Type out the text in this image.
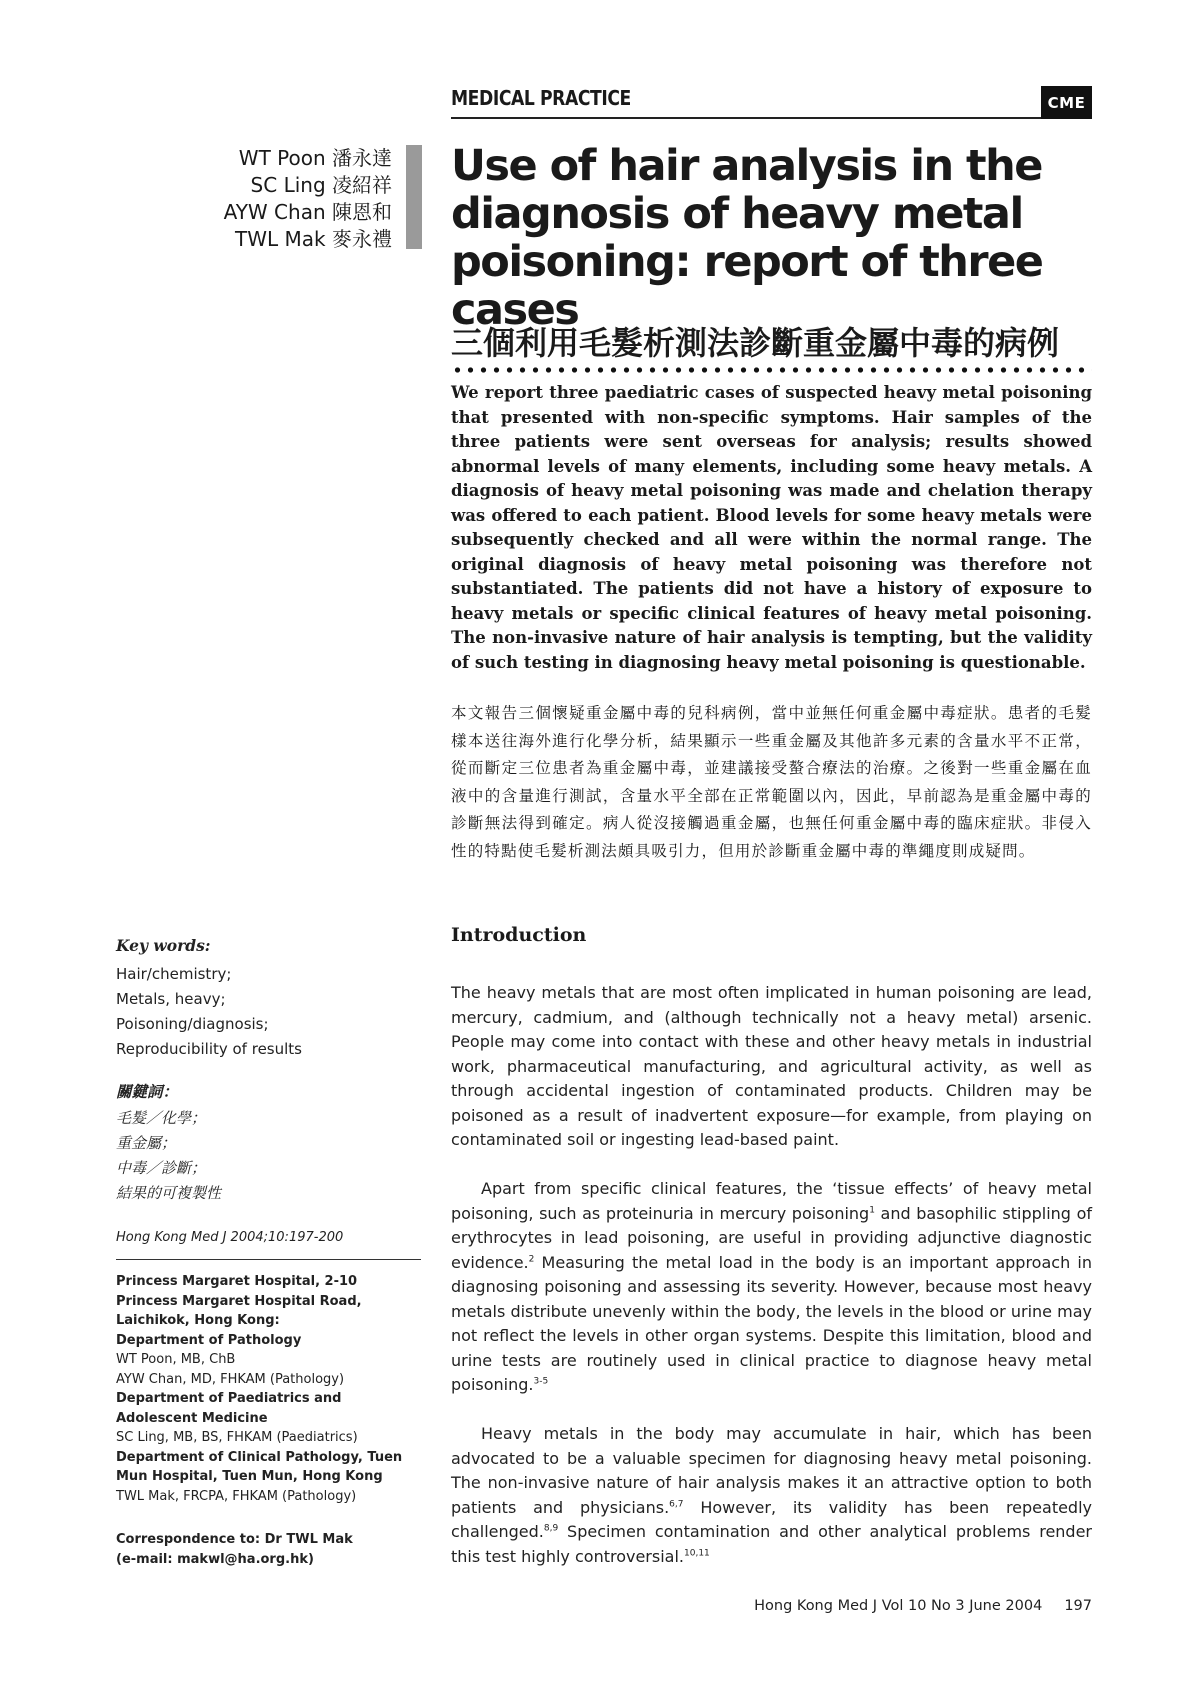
MEDICAL PRACTICE	CME
WT Poon 潘永達
SC Ling 凌紹祥
AYW Chan 陳恩和
TWL Mak 麥永禮
Use of hair analysis in the diagnosis of heavy metal poisoning: report of three cases
三個利用毛髮析測法診斷重金屬中毒的病例

We report three paediatric cases of suspected heavy metal poisoning that presented with non-specific symptoms. Hair samples of the three patients were sent overseas for analysis; results showed abnormal levels of many elements, including some heavy metals. A diagnosis of heavy metal poisoning was made and chelation therapy was offered to each patient. Blood levels for some heavy metals were subsequently checked and all were within the normal range. The original diagnosis of heavy metal poisoning was therefore not substantiated. The patients did not have a history of exposure to heavy metals or specific clinical features of heavy metal poisoning. The non-invasive nature of hair analysis is tempting, but the validity of such testing in diagnosing heavy metal poisoning is questionable.

本文報告三個懷疑重金屬中毒的兒科病例，當中並無任何重金屬中毒症狀。患者的毛髮樣本送往海外進行化學分析，結果顯示一些重金屬及其他許多元素的含量水平不正常，從而斷定三位患者為重金屬中毒，並建議接受螯合療法的治療。之後對一些重金屬在血液中的含量進行測試，含量水平全部在正常範圍以內，因此，早前認為是重金屬中毒的診斷無法得到確定。病人從沒接觸過重金屬，也無任何重金屬中毒的臨床症狀。非侵入性的特點使毛髮析測法頗具吸引力，但用於診斷重金屬中毒的準繩度則成疑問。

Introduction

The heavy metals that are most often implicated in human poisoning are lead, mercury, cadmium, and (although technically not a heavy metal) arsenic. People may come into contact with these and other heavy metals in industrial work, pharmaceutical manufacturing, and agricultural activity, as well as through accidental ingestion of contaminated products. Children may be poisoned as a result of inadvertent exposure—for example, from playing on contaminated soil or ingesting lead-based paint.

Apart from specific clinical features, the ‘tissue effects’ of heavy metal poisoning, such as proteinuria in mercury poisoning$^1$ and basophilic stippling of erythrocytes in lead poisoning, are useful in providing adjunctive diagnostic evidence.$^2$ Measuring the metal load in the body is an important approach in diagnosing poisoning and assessing its severity. However, because most heavy metals distribute unevenly within the body, the levels in the blood or urine may not reflect the levels in other organ systems. Despite this limitation, blood and urine tests are routinely used in clinical practice to diagnose heavy metal poisoning.$^{3-5}$

Heavy metals in the body may accumulate in hair, which has been advocated to be a valuable specimen for diagnosing heavy metal poisoning. The non-invasive nature of hair analysis makes it an attractive option to both patients and physicians.$^{6,7}$ However, its validity has been repeatedly challenged.$^{8,9}$ Specimen contamination and other analytical problems render this test highly controversial.$^{10,11}$

Key words:
Hair/chemistry;
Metals, heavy;
Poisoning/diagnosis;
Reproducibility of results
關鍵詞：
毛髮／化學；
重金屬；
中毒／診斷；
結果的可複製性
Hong Kong Med J 2004;10:197-200
Princess Margaret Hospital, 2-10 Princess Margaret Hospital Road, Laichikok, Hong Kong:
Department of Pathology
WT Poon, MB, ChB
AYW Chan, MD, FHKAM (Pathology)
Department of Paediatrics and Adolescent Medicine
SC Ling, MB, BS, FHKAM (Paediatrics)
Department of Clinical Pathology, Tuen Mun Hospital, Tuen Mun, Hong Kong
TWL Mak, FRCPA, FHKAM (Pathology)
Correspondence to: Dr TWL Mak
(e-mail: makwl@ha.org.hk)
Hong Kong Med J Vol 10 No 3 June 2004 197
